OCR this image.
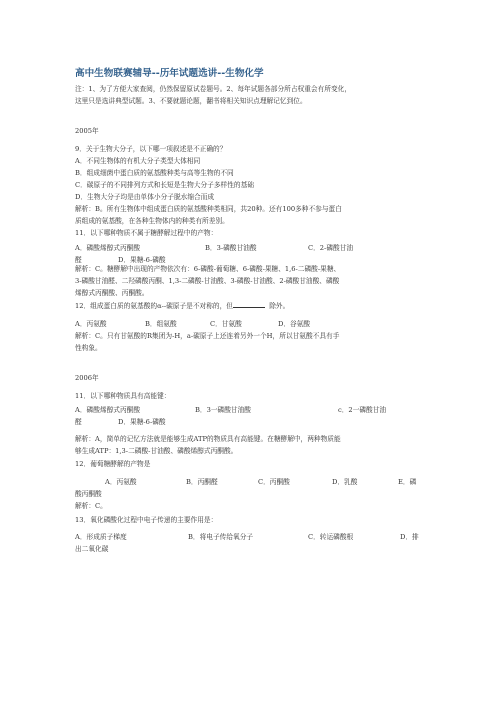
高中生物联赛辅导--历年试题选讲--生物化学
注：1、为了方便大家查阅，仍然保留原试卷题号。2、每年试题各部分所占权重会有所变化，
这里只是选讲典型试题。3、不要就题论题，翻书将相关知识点理解记忆到位。
2005年
9．关于生物大分子，以下哪一项叙述是不正确的？
A．不同生物体的有机大分子类型大体相同
B．组成细菌中蛋白质的氨基酸种类与高等生物的不同
C．碳原子的不同排列方式和长短是生物大分子多样性的基础
D．生物大分子均是由单体小分子脱水缩合而成
解析：B。所有生物体中组成蛋白质的氨基酸种类相同，共20种。还有100多种不参与蛋白
质组成的氨基酸，在各种生物体内的种类有所差别。
11．以下哪种物质不属于糖酵解过程中的产物：
A．磷酸烯醇式丙酮酸	B．3-磷酸甘油酸	C．2-磷酸甘油
醛	D．果糖-6-磷酸
解析：C。糖酵解中出现的产物依次有：6-磷酸-葡萄糖、6-磷酸-果糖、1,6-二磷酸-果糖、
3-磷酸甘油醛、二羟磷酸丙酮、1,3-二磷酸-甘油酸、3-磷酸-甘油酸、2-磷酸甘油酸、磷酸
烯醇式丙酮酸、丙酮酸。
12．组成蛋白质的氨基酸的α--碳原子是不对称的，但	除外。
A．丙氨酸	B．组氨酸	C．甘氨酸	D．谷氨酸
解析：C。只有甘氨酸的R集团为-H，a-碳原子上还连着另外一个H，所以甘氨酸不具有手
性构象。
2006年
11．以下哪种物质具有高能键：
A．磷酸烯醇式丙酮酸	B．3一磷酸甘油酸	c．2一磷酸甘油
醛	D．果糖-6-磷酸
解析：A，简单的记忆方法就是能够生成ATP的物质具有高能键。在糖酵解中，两种物质能
够生成ATP：1,3-二磷酸-甘油酸、磷酸烯醇式丙酮酸。
12．葡萄糖酵解的产物是
A．丙氨酸	B．丙酮醛	C．丙酮酸	D．乳酸	E．磷
酸丙酮酸
解析：C。
13．氧化磷酸化过程中电子传递的主要作用是：
A．形成质子梯度	B．将电子传给氧分子	C．转运磷酸根	D．排
出二氧化碳
